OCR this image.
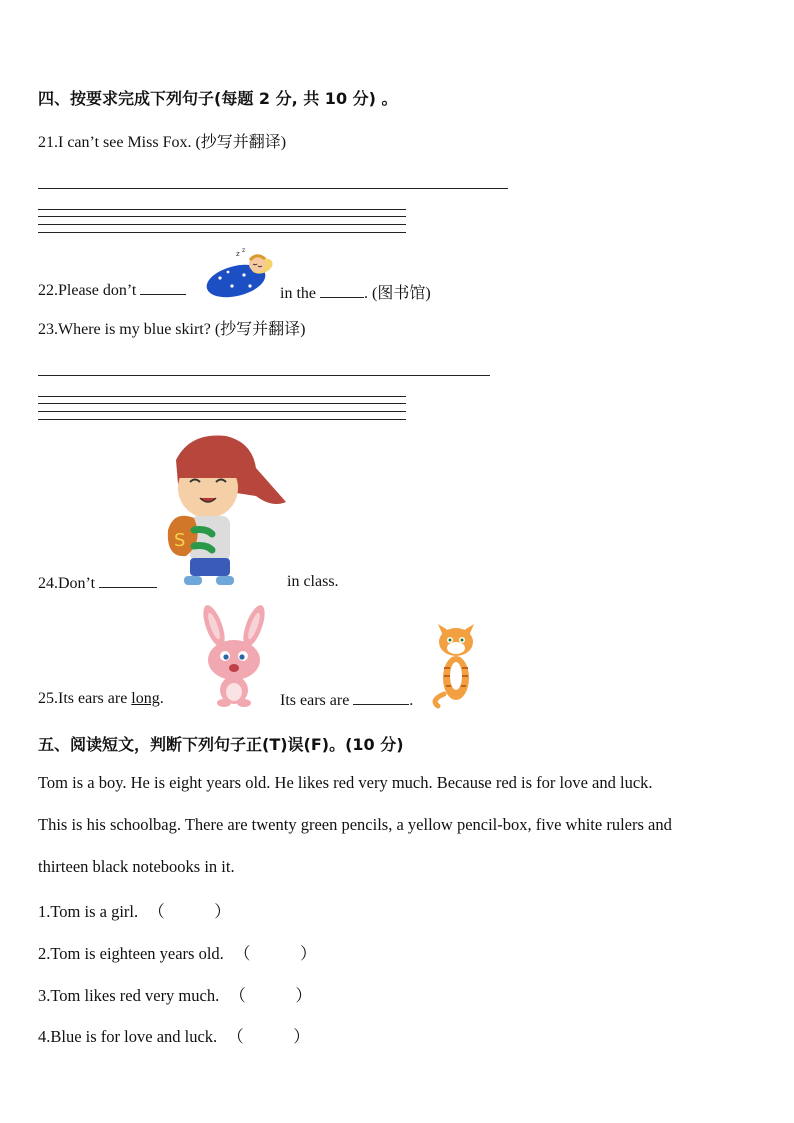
四、按要求完成下列句子(每题 2 分, 共 10 分) 。
21.I can’t see Miss Fox. (抄写并翻译)
22.Please don’t
z z
in the	. (图书馆)
23.Where is my blue skirt? (抄写并翻译)
S
24.Don’t	in class.
25.Its ears are long.	Its ears are	.
五、阅读短文，判断下列句子正(T)误(F)。(10 分)
Tom is a boy. He is eight years old. He likes red very much. Because red is for love and luck.
This is his schoolbag. There are twenty green pencils, a yellow pencil-box, five white rulers and
thirteen black notebooks in it.
1.Tom is a girl. （　　　）
2.Tom is eighteen years old. （　　　）
3.Tom likes red very much. （　　　）
4.Blue is for love and luck. （　　　）
